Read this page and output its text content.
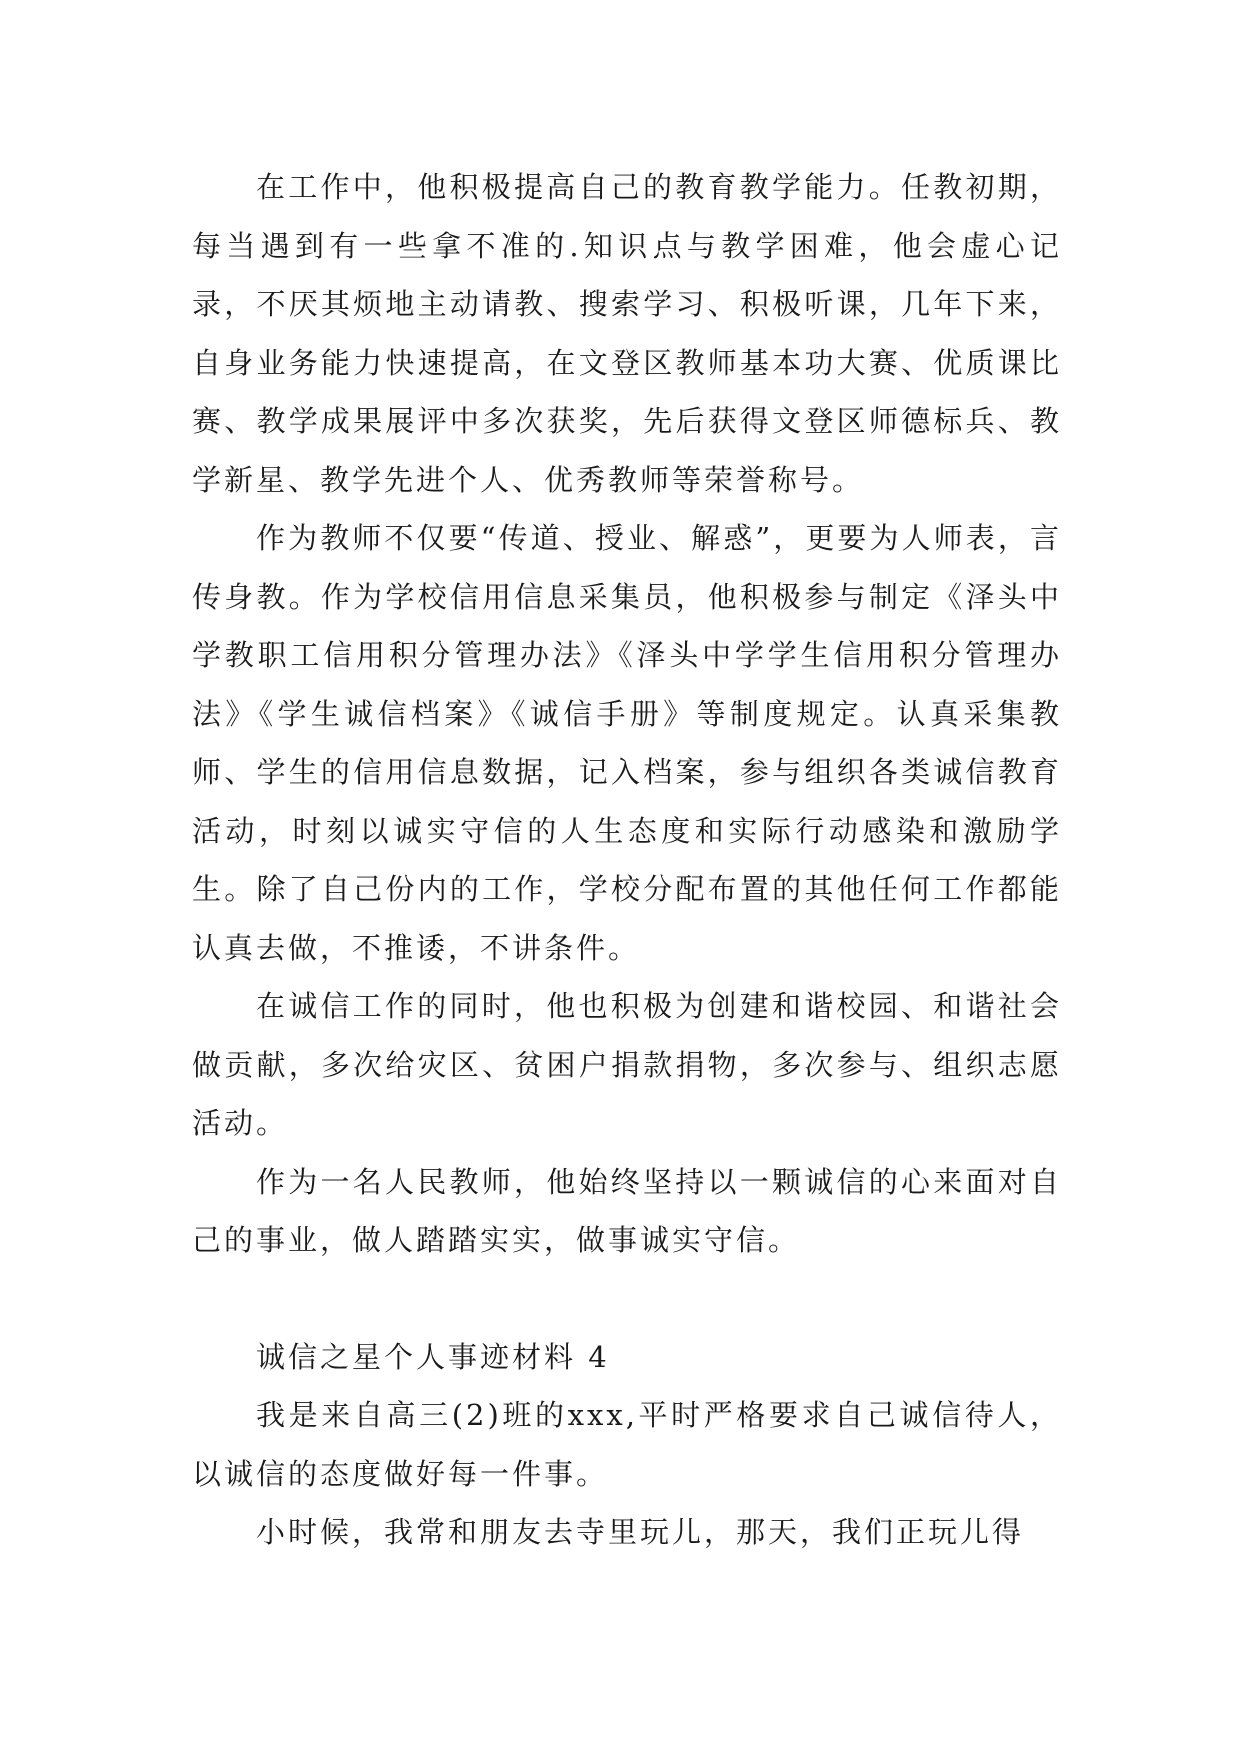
在工作中，他积极提高自己的教育教学能力。任教初期，每当遇到有一些拿不准的.知识点与教学困难，他会虚心记录，不厌其烦地主动请教、搜索学习、积极听课，几年下来，自身业务能力快速提高，在文登区教师基本功大赛、优质课比赛、教学成果展评中多次获奖，先后获得文登区师德标兵、教学新星、教学先进个人、优秀教师等荣誉称号。

作为教师不仅要“传道、授业、解惑”，更要为人师表，言传身教。作为学校信用信息采集员，他积极参与制定《泽头中学教职工信用积分管理办法》《泽头中学学生信用积分管理办法》《学生诚信档案》《诚信手册》等制度规定。认真采集教师、学生的信用信息数据，记入档案，参与组织各类诚信教育活动，时刻以诚实守信的人生态度和实际行动感染和激励学生。除了自己份内的工作，学校分配布置的其他任何工作都能认真去做，不推诿，不讲条件。

在诚信工作的同时，他也积极为创建和谐校园、和谐社会做贡献，多次给灾区、贫困户捐款捐物，多次参与、组织志愿活动。

作为一名人民教师，他始终坚持以一颗诚信的心来面对自己的事业，做人踏踏实实，做事诚实守信。

诚信之星个人事迹材料 4

我是来自高三(2)班的xxx,平时严格要求自己诚信待人，以诚信的态度做好每一件事。

小时候，我常和朋友去寺里玩儿，那天，我们正玩儿得
